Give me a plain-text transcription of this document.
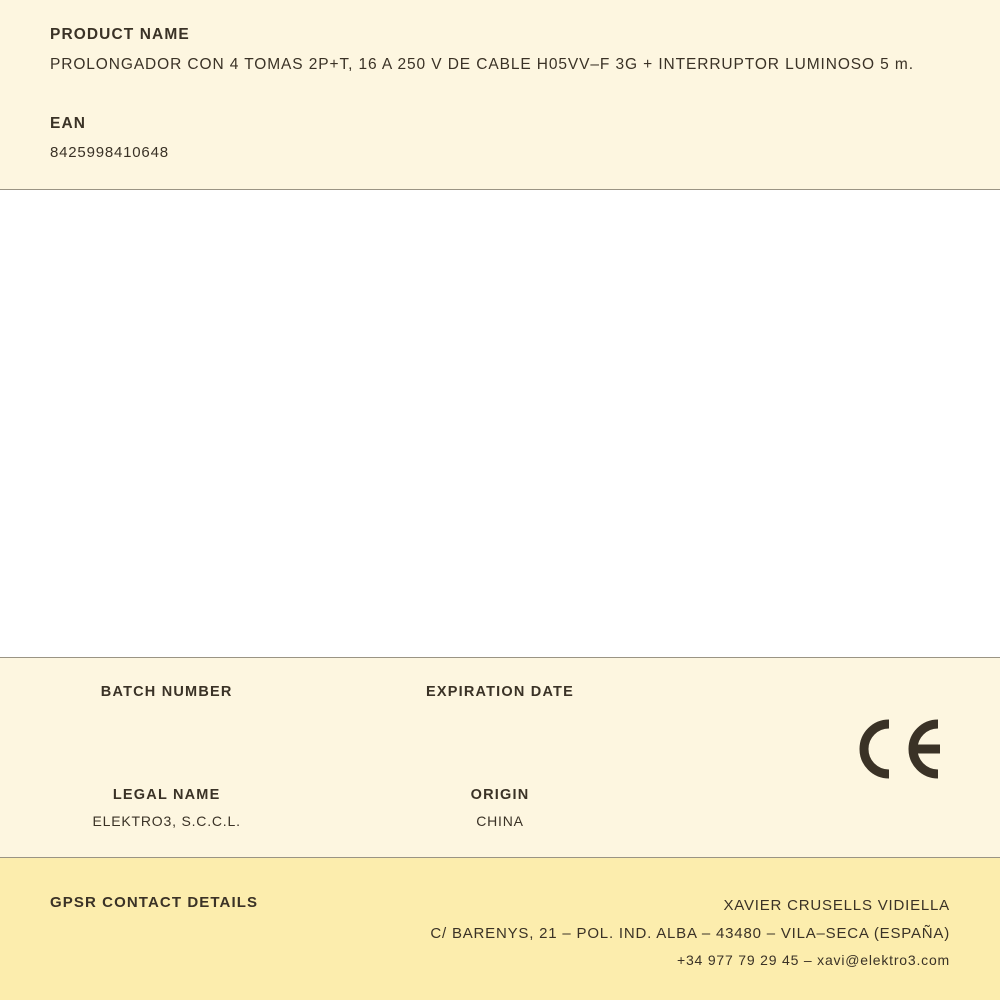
PRODUCT NAME
PROLONGADOR CON 4 TOMAS 2P+T, 16 A 250 V DE CABLE H05VV–F 3G + INTERRUPTOR LUMINOSO 5 m.
EAN
8425998410648
BATCH NUMBER	EXPIRATION DATE
LEGAL NAME
ELEKTRO3, S.C.C.L.
ORIGIN
CHINA
GPSR CONTACT DETAILS	XAVIER CRUSELLS VIDIELLA
C/ BARENYS, 21 – POL. IND. ALBA – 43480 – VILA–SECA (ESPAÑA)
+34 977 79 29 45 – xavi@elektro3.com
